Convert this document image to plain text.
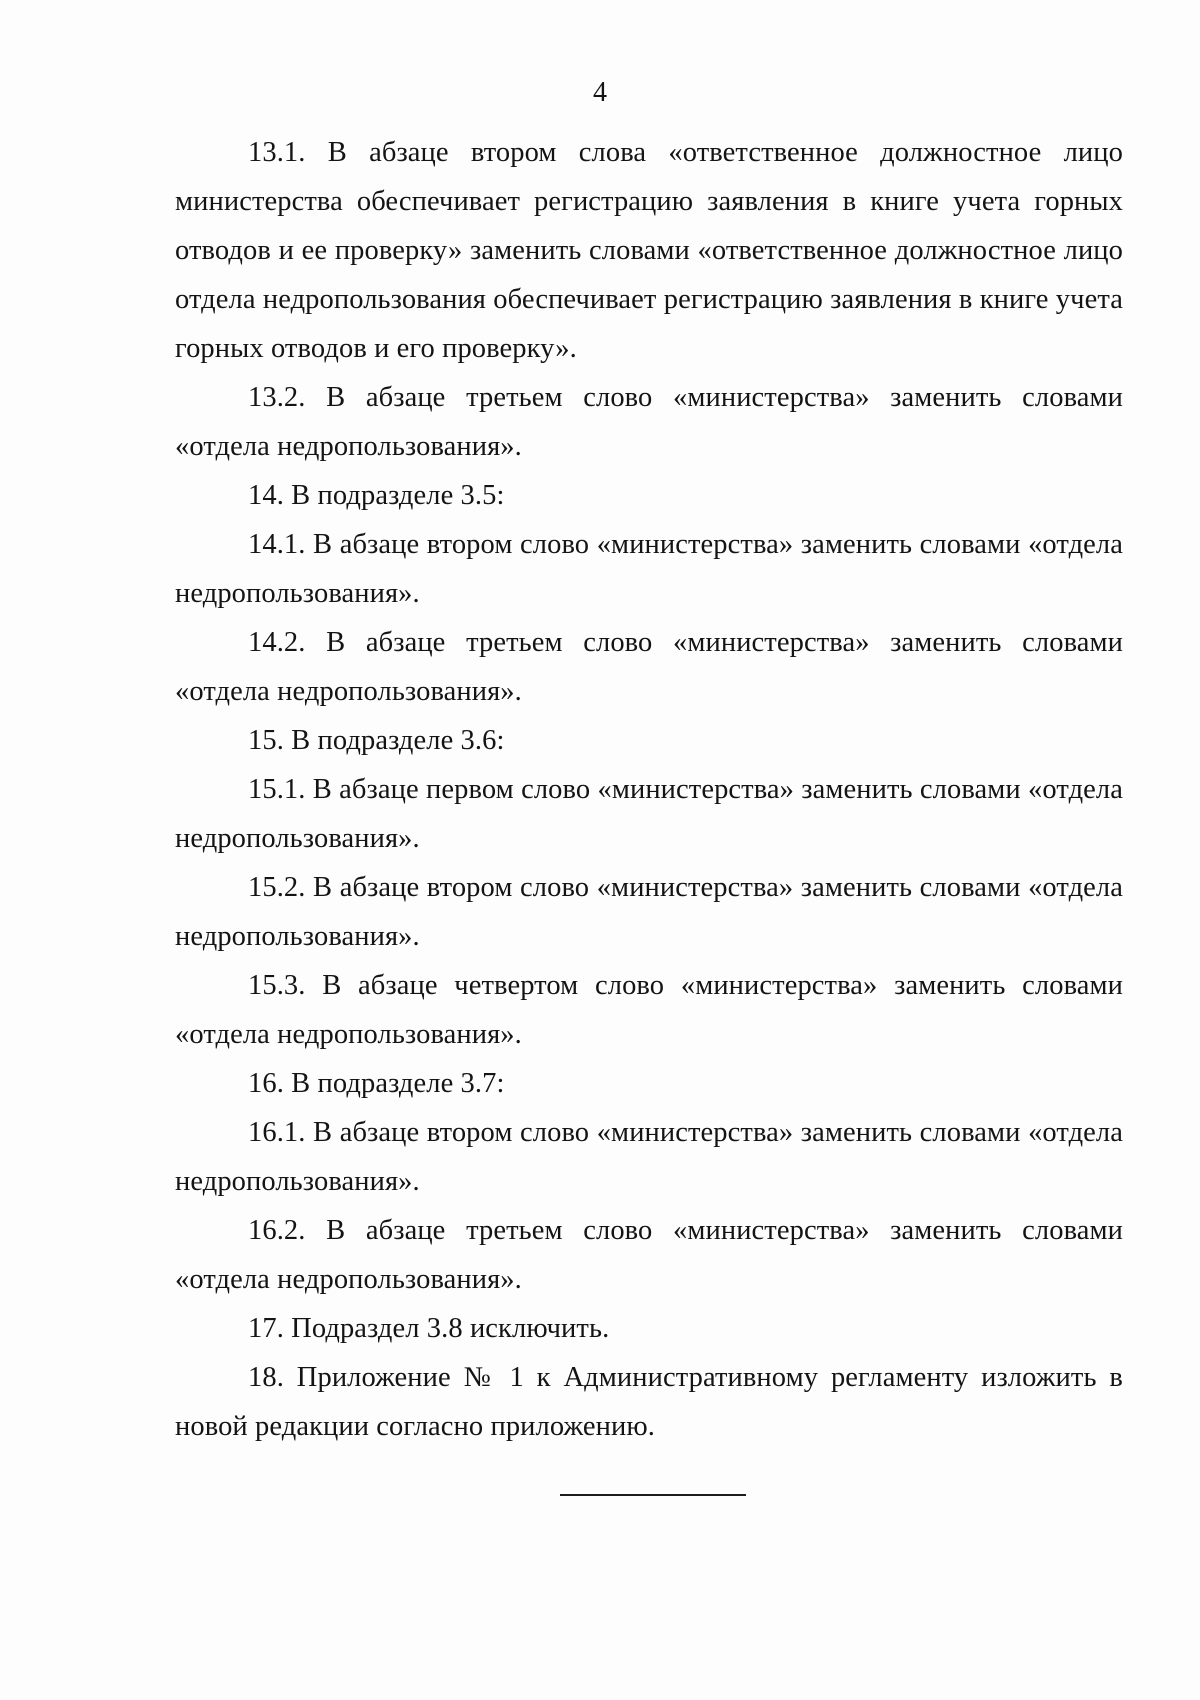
4

13.1. В абзаце втором слова «ответственное должностное лицо министерства обеспечивает регистрацию заявления в книге учета горных отводов и ее проверку» заменить словами «ответственное должностное лицо отдела недропользования обеспечивает регистрацию заявления в книге учета горных отводов и его проверку».

13.2. В абзаце третьем слово «министерства» заменить словами «отдела недропользования».

14. В подразделе 3.5:

14.1. В абзаце втором слово «министерства» заменить словами «отдела недропользования».

14.2. В абзаце третьем слово «министерства» заменить словами «отдела недропользования».

15. В подразделе 3.6:

15.1. В абзаце первом слово «министерства» заменить словами «отдела недропользования».

15.2. В абзаце втором слово «министерства» заменить словами «отдела недропользования».

15.3. В абзаце четвертом слово «министерства» заменить словами «отдела недропользования».

16. В подразделе 3.7:

16.1. В абзаце втором слово «министерства» заменить словами «отдела недропользования».

16.2. В абзаце третьем слово «министерства» заменить словами «отдела недропользования».

17. Подраздел 3.8 исключить.

18. Приложение № 1 к Административному регламенту изложить в новой редакции согласно приложению.
